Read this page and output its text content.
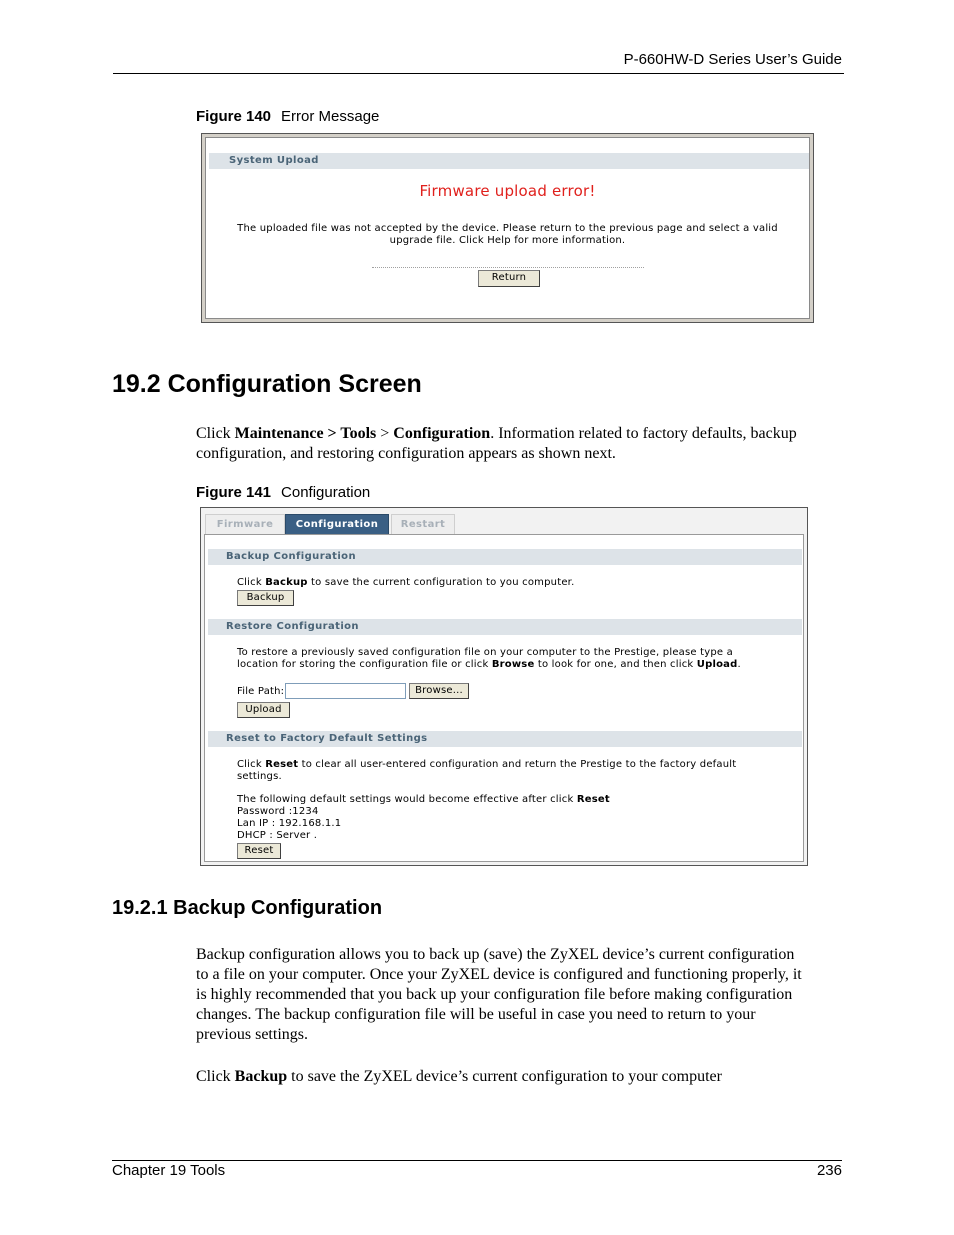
P-660HW-D Series User’s Guide
Figure 140 Error Message
System Upload
Firmware upload error!
The uploaded file was not accepted by the device. Please return to the previous page and select a valid
upgrade file. Click Help for more information.
Return
19.2 Configuration Screen
Click Maintenance > Tools > Configuration. Information related to factory defaults, backup
configuration, and restoring configuration appears as shown next.
Figure 141 Configuration
Firmware	Configuration	Restart
Backup Configuration
Click Backup to save the current configuration to you computer.
Backup
Restore Configuration
To restore a previously saved configuration file on your computer to the Prestige, please type a
location for storing the configuration file or click Browse to look for one, and then click Upload.
File Path:	Browse...
Upload
Reset to Factory Default Settings
Click Reset to clear all user-entered configuration and return the Prestige to the factory default
settings.
The following default settings would become effective after click Reset
Password :1234
Lan IP : 192.168.1.1
DHCP : Server .
Reset
19.2.1 Backup Configuration
Backup configuration allows you to back up (save) the ZyXEL device’s current configuration
to a file on your computer. Once your ZyXEL device is configured and functioning properly, it
is highly recommended that you back up your configuration file before making configuration
changes. The backup configuration file will be useful in case you need to return to your
previous settings.
Click Backup to save the ZyXEL device’s current configuration to your computer
Chapter 19 Tools	236
